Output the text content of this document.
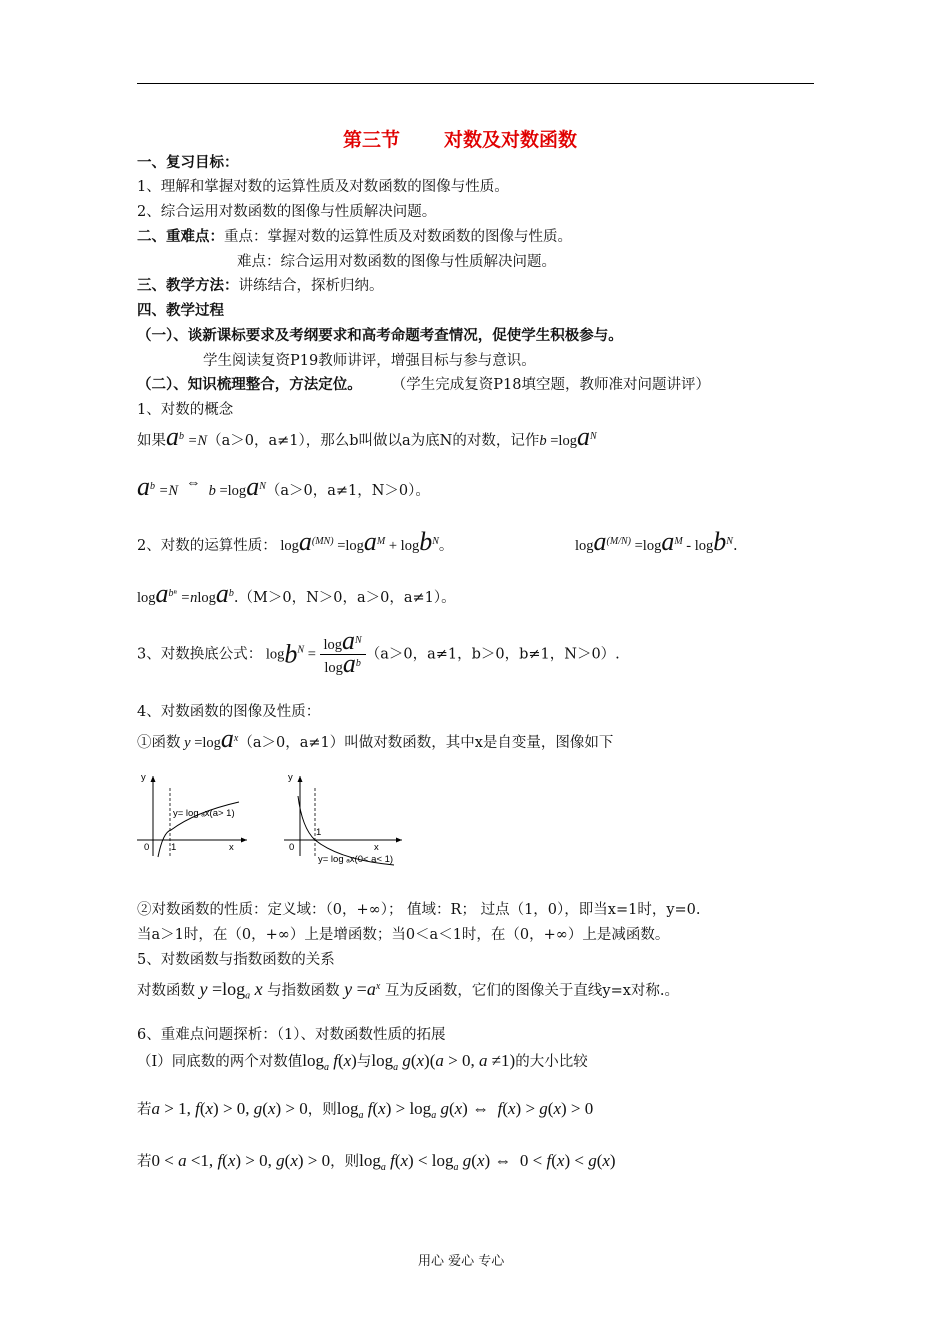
第三节 对数及对数函数
一、复习目标：
1、理解和掌握对数的运算性质及对数函数的图像与性质。
2、综合运用对数函数的图像与性质解决问题。
二、重难点：重点：掌握对数的运算性质及对数函数的图像与性质。
难点：综合运用对数函数的图像与性质解决问题。
三、教学方法：讲练结合，探析归纳。
四、教学过程
（一）、谈新课标要求及考纲要求和高考命题考查情况，促使学生积极参与。
学生阅读复资P19教师讲评，增强目标与参与意识。
（二）、知识梳理整合，方法定位。 （学生完成复资P18填空题，教师准对问题讲评）
1、对数的概念
如果$a^b =N(a>0$，a≠1），那么b叫做以a为底N的对数，记作b =loga$^N$
$a^b =N$ ⇔ b =loga$^N$（a＞0，a≠1，N＞0）。
2、对数的运算性质： loga$^{(MN)}$ =loga$^M$ + logb$^N$。	loga$^{(M/N)}$ =loga$^M$ - logb$^N$.
loga$^{b^n}$ =nloga$^b$.（M＞0，N＞0，a＞0，a≠1）。
3、对数换底公式： $\log b^N = \frac{\log a^N}{\log a^b} (a>0$，a≠1，b＞0，b≠1，N＞0）.
4、对数函数的图像及性质：
①函数 y =loga$^x$（a＞0，a≠1）叫做对数函数，其中x是自变量，图像如下
y
x
0 1
y= log ₐx(a> 1)
y
x
0
1
y= log ₐx(0< a< 1)
②对数函数的性质：定义域：（0，+∞）； 值域：R； 过点（1，0），即当x=1时，y=0.
当a＞1时，在（0，+∞）上是增函数；当0＜a＜1时，在（0，+∞）上是减函数。
5、对数函数与指数函数的关系
对数函数 $y =\log_a$ x 与指数函数 $y =a^x$ 互为反函数，它们的图像关于直线y=x对称.。
6、重难点问题探析：（1）、对数函数性质的拓展
（Ⅰ）同底数的两个对数值$\log_a f(x)$与$\log_a g(x)(a > 0$, a ≠1)的大小比较
若a > 1, f(x) > 0, g(x) > 0，则$\log_a f(x) > \log_a g(x)$ ⇔  f(x) > g(x) > 0
若0 < a <1, f(x) > 0, g(x) > 0，则$\log_a f(x) < \log_a g(x)$ ⇔  0 < f(x) < g(x)
用心 爱心 专心
